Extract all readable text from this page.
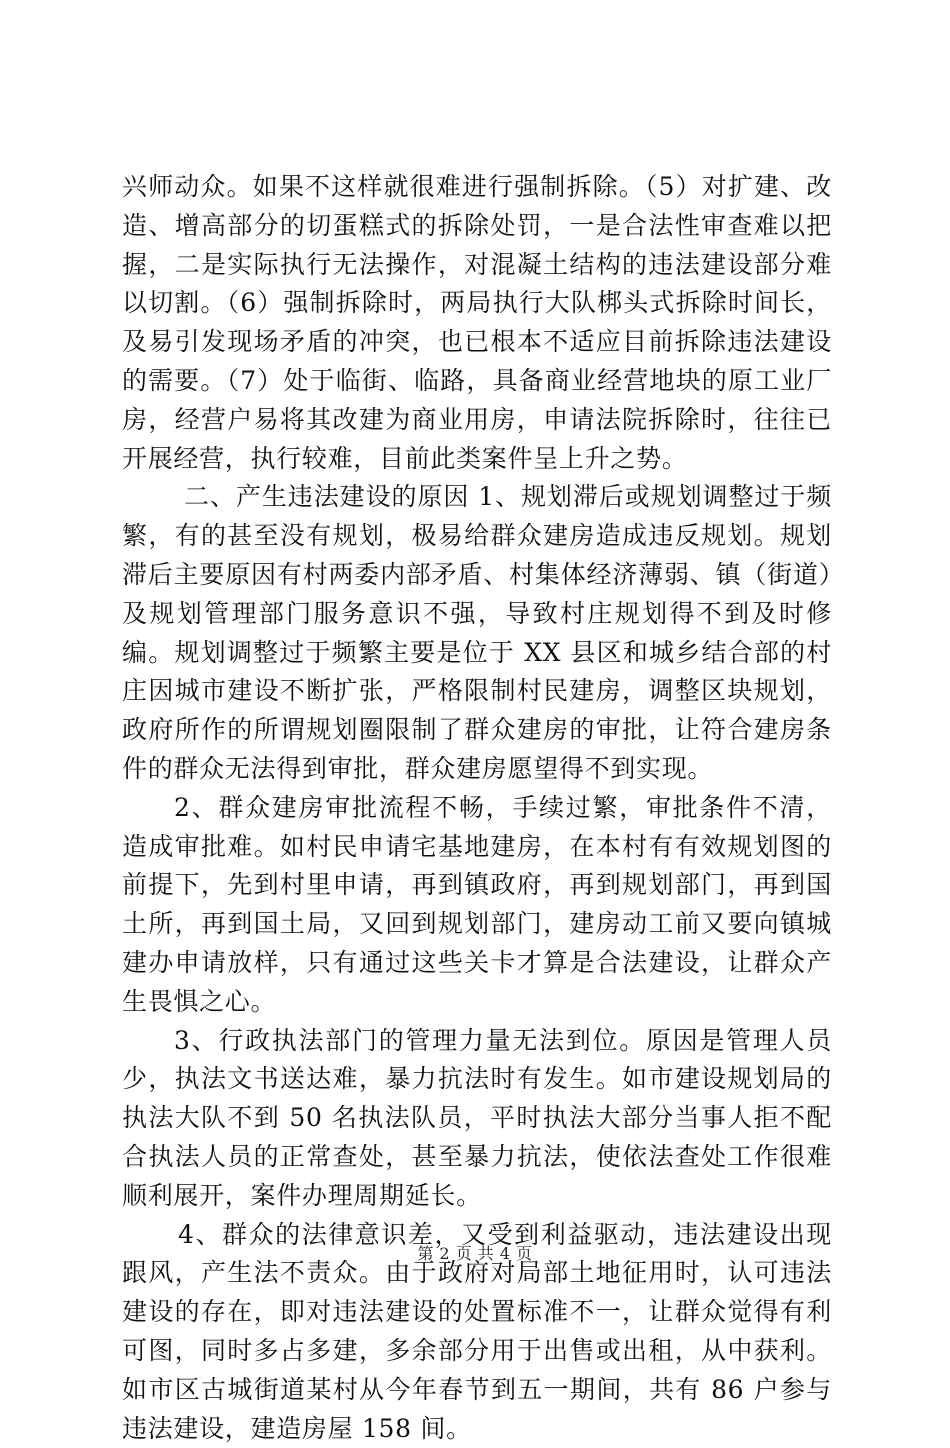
兴师动众。如果不这样就很难进行强制拆除。（5）对扩建、改造、增高部分的切蛋糕式的拆除处罚，一是合法性审查难以把握，二是实际执行无法操作，对混凝土结构的违法建设部分难以切割。（6）强制拆除时，两局执行大队梆头式拆除时间长，及易引发现场矛盾的冲突，也已根本不适应目前拆除违法建设的需要。（7）处于临街、临路，具备商业经营地块的原工业厂房，经营户易将其改建为商业用房，申请法院拆除时，往往已开展经营，执行较难，目前此类案件呈上升之势。

二、产生违法建设的原因 1、规划滞后或规划调整过于频繁，有的甚至没有规划，极易给群众建房造成违反规划。规划滞后主要原因有村两委内部矛盾、村集体经济薄弱、镇（街道）及规划管理部门服务意识不强，导致村庄规划得不到及时修编。规划调整过于频繁主要是位于 XX 县区和城乡结合部的村庄因城市建设不断扩张，严格限制村民建房，调整区块规划，政府所作的所谓规划圈限制了群众建房的审批，让符合建房条件的群众无法得到审批，群众建房愿望得不到实现。

2、群众建房审批流程不畅，手续过繁，审批条件不清，造成审批难。如村民申请宅基地建房，在本村有有效规划图的前提下，先到村里申请，再到镇政府，再到规划部门，再到国土所，再到国土局，又回到规划部门，建房动工前又要向镇城建办申请放样，只有通过这些关卡才算是合法建设，让群众产生畏惧之心。

3、行政执法部门的管理力量无法到位。原因是管理人员少，执法文书送达难，暴力抗法时有发生。如市建设规划局的执法大队不到 50 名执法队员，平时执法大部分当事人拒不配合执法人员的正常查处，甚至暴力抗法，使依法查处工作很难顺利展开，案件办理周期延长。

4、群众的法律意识差，又受到利益驱动，违法建设出现跟风，产生法不责众。由于政府对局部土地征用时，认可违法建设的存在，即对违法建设的处置标准不一，让群众觉得有利可图，同时多占多建，多余部分用于出售或出租，从中获利。如市区古城街道某村从今年春节到五一期间，共有 86 户参与违法建设，建造房屋 158 间。

第 2 页 共 4 页
